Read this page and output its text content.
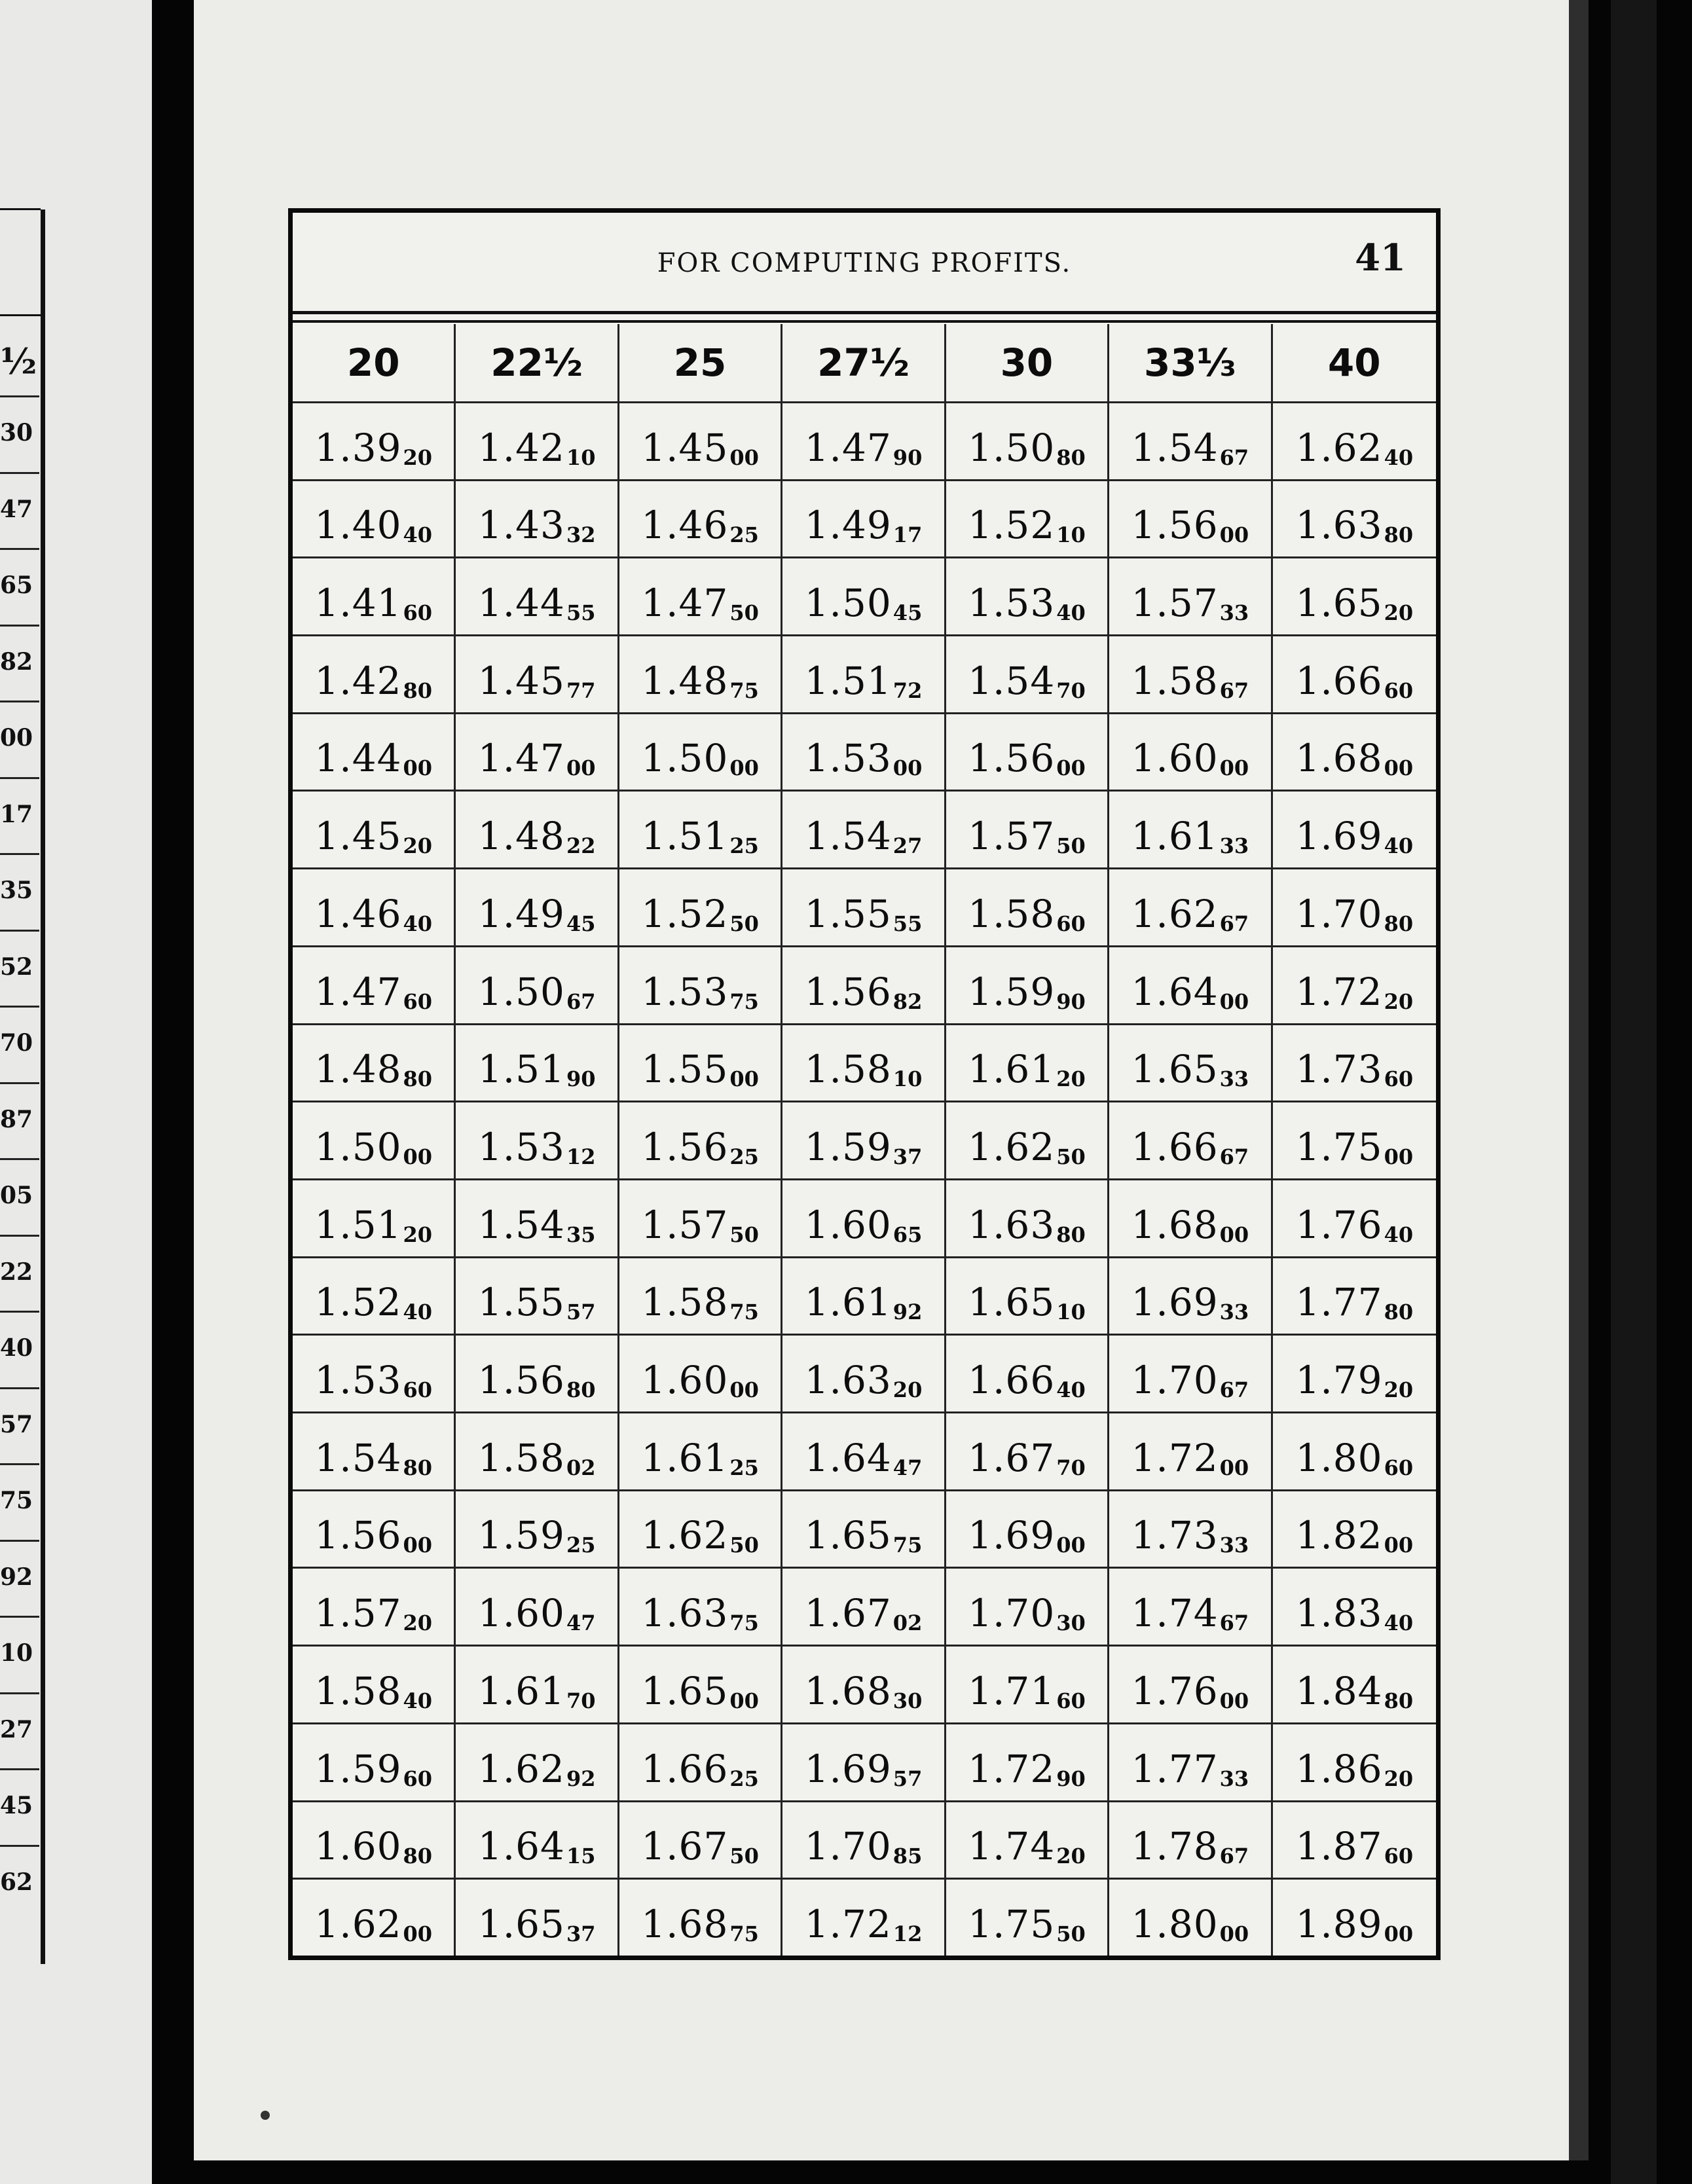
½
30
47
65
82
00
17
35
52
70
87
05
22
40
57
75
92
10
27
45
62
FOR COMPUTING PROFITS.	41
20	22½	25	27½	30	33⅓	40
$1.39_{20}$ $1.42_{10}$ $1.45_{00}$ $1.47_{90}$ $1.50_{80}$ $1.54_{67}$ $1.62_{40}$
$1.40_{40}$ $1.43_{32}$ $1.46_{25}$ $1.49_{17}$ $1.52_{10}$ $1.56_{00}$ $1.63_{80}$
$1.41_{60}$ $1.44_{55}$ $1.47_{50}$ $1.50_{45}$ $1.53_{40}$ $1.57_{33}$ $1.65_{20}$
$1.42_{80}$ $1.45_{77}$ $1.48_{75}$ $1.51_{72}$ $1.54_{70}$ $1.58_{67}$ $1.66_{60}$
$1.44_{00}$ $1.47_{00}$ $1.50_{00}$ $1.53_{00}$ $1.56_{00}$ $1.60_{00}$ $1.68_{00}$
$1.45_{20}$ $1.48_{22}$ $1.51_{25}$ $1.54_{27}$ $1.57_{50}$ $1.61_{33}$ $1.69_{40}$
$1.46_{40}$ $1.49_{45}$ $1.52_{50}$ $1.55_{55}$ $1.58_{60}$ $1.62_{67}$ $1.70_{80}$
$1.47_{60}$ $1.50_{67}$ $1.53_{75}$ $1.56_{82}$ $1.59_{90}$ $1.64_{00}$ $1.72_{20}$
$1.48_{80}$ $1.51_{90}$ $1.55_{00}$ $1.58_{10}$ $1.61_{20}$ $1.65_{33}$ $1.73_{60}$
$1.50_{00}$ $1.53_{12}$ $1.56_{25}$ $1.59_{37}$ $1.62_{50}$ $1.66_{67}$ $1.75_{00}$
$1.51_{20}$ $1.54_{35}$ $1.57_{50}$ $1.60_{65}$ $1.63_{80}$ $1.68_{00}$ $1.76_{40}$
$1.52_{40}$ $1.55_{57}$ $1.58_{75}$ $1.61_{92}$ $1.65_{10}$ $1.69_{33}$ $1.77_{80}$
$1.53_{60}$ $1.56_{80}$ $1.60_{00}$ $1.63_{20}$ $1.66_{40}$ $1.70_{67}$ $1.79_{20}$
$1.54_{80}$ $1.58_{02}$ $1.61_{25}$ $1.64_{47}$ $1.67_{70}$ $1.72_{00}$ $1.80_{60}$
$1.56_{00}$ $1.59_{25}$ $1.62_{50}$ $1.65_{75}$ $1.69_{00}$ $1.73_{33}$ $1.82_{00}$
$1.57_{20}$ $1.60_{47}$ $1.63_{75}$ $1.67_{02}$ $1.70_{30}$ $1.74_{67}$ $1.83_{40}$
$1.58_{40}$ $1.61_{70}$ $1.65_{00}$ $1.68_{30}$ $1.71_{60}$ $1.76_{00}$ $1.84_{80}$
$1.59_{60}$ $1.62_{92}$ $1.66_{25}$ $1.69_{57}$ $1.72_{90}$ $1.77_{33}$ $1.86_{20}$
$1.60_{80}$ $1.64_{15}$ $1.67_{50}$ $1.70_{85}$ $1.74_{20}$ $1.78_{67}$ $1.87_{60}$
$1.62_{00}$ $1.65_{37}$ $1.68_{75}$ $1.72_{12}$ $1.75_{50}$ $1.80_{00}$ $1.89_{00}$
